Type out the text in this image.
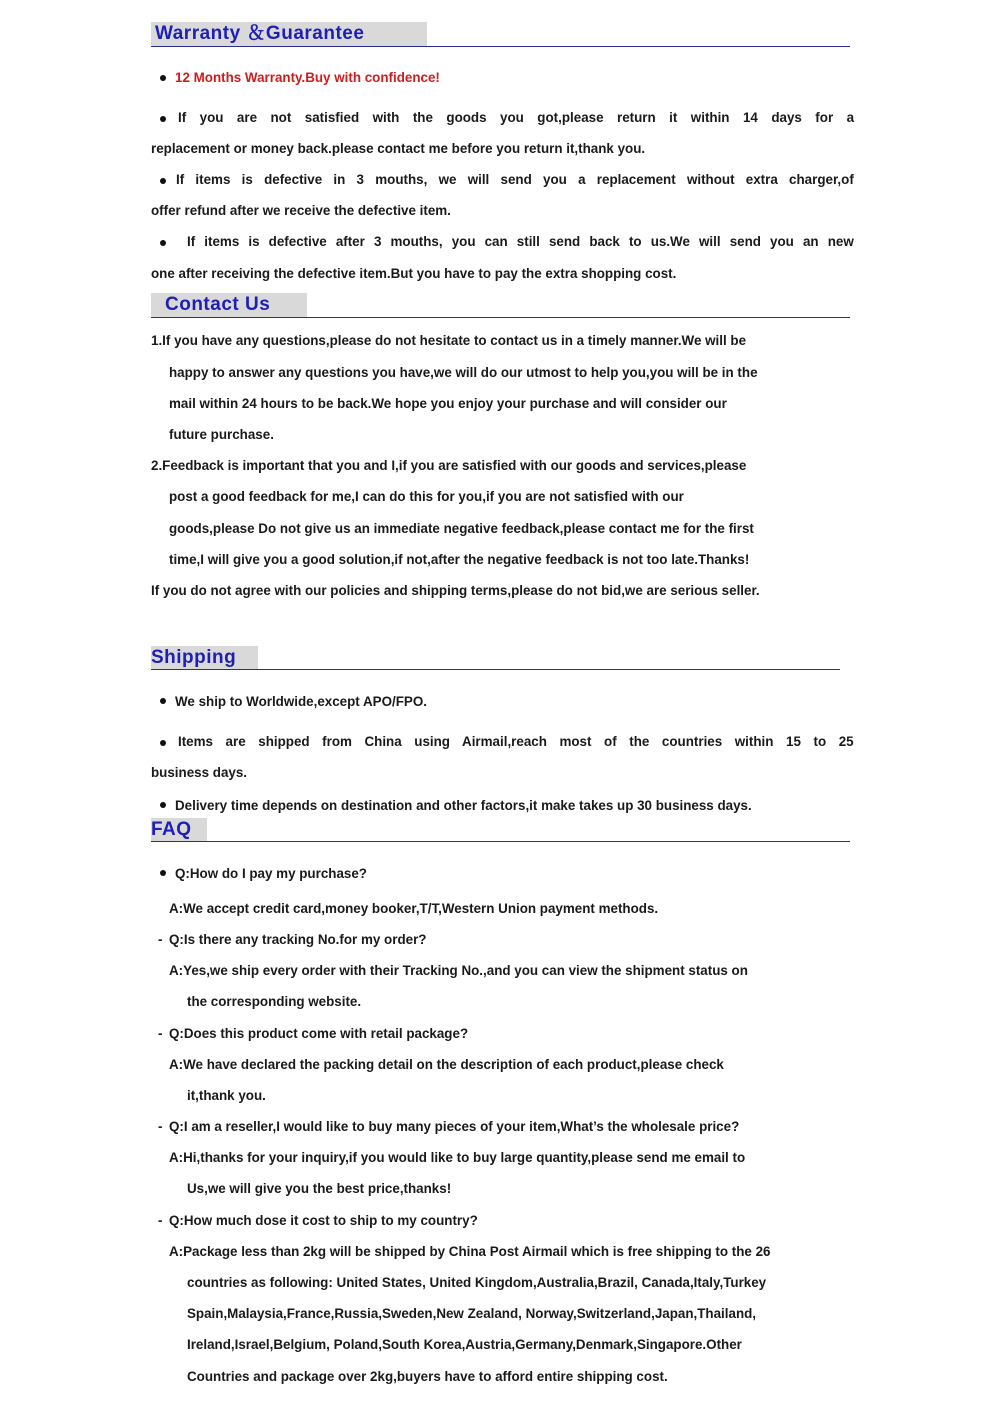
Warranty ＆Guarantee
12 Months Warranty.Buy with confidence!
If you are not satisfied with the goods you got,please return it within 14 days for a
replacement or money back.please contact me before you return it,thank you.
If items is defective in 3 mouths, we will send you a replacement without extra charger,of
offer refund after we receive the defective item.
If items is defective after 3 mouths, you can still send back to us.We will send you an new
one after receiving the defective item.But you have to pay the extra shopping cost.
Contact Us
1.If you have any questions,please do not hesitate to contact us in a timely manner.We will be
happy to answer any questions you have,we will do our utmost to help you,you will be in the
mail within 24 hours to be back.We hope you enjoy your purchase and will consider our
future purchase.
2.Feedback is important that you and I,if you are satisfied with our goods and services,please
post a good feedback for me,I can do this for you,if you are not satisfied with our
goods,please Do not give us an immediate negative feedback,please contact me for the first
time,I will give you a good solution,if not,after the negative feedback is not too late.Thanks!
If you do not agree with our policies and shipping terms,please do not bid,we are serious seller.
Shipping
We ship to Worldwide,except APO/FPO.
Items are shipped from China using Airmail,reach most of the countries within 15 to 25
business days.
Delivery time depends on destination and other factors,it make takes up 30 business days.
FAQ
Q:How do I pay my purchase?
A:We accept credit card,money booker,T/T,Western Union payment methods.
- Q:Is there any tracking No.for my order?
A:Yes,we ship every order with their Tracking No.,and you can view the shipment status on
the corresponding website.
- Q:Does this product come with retail package?
A:We have declared the packing detail on the description of each product,please check
it,thank you.
- Q:I am a reseller,I would like to buy many pieces of your item,What’s the wholesale price?
A:Hi,thanks for your inquiry,if you would like to buy large quantity,please send me email to
Us,we will give you the best price,thanks!
- Q:How much dose it cost to ship to my country?
A:Package less than 2kg will be shipped by China Post Airmail which is free shipping to the 26
countries as following: United States, United Kingdom,Australia,Brazil, Canada,Italy,Turkey
Spain,Malaysia,France,Russia,Sweden,New Zealand, Norway,Switzerland,Japan,Thailand,
Ireland,Israel,Belgium, Poland,South Korea,Austria,Germany,Denmark,Singapore.Other
Countries and package over 2kg,buyers have to afford entire shipping cost.
